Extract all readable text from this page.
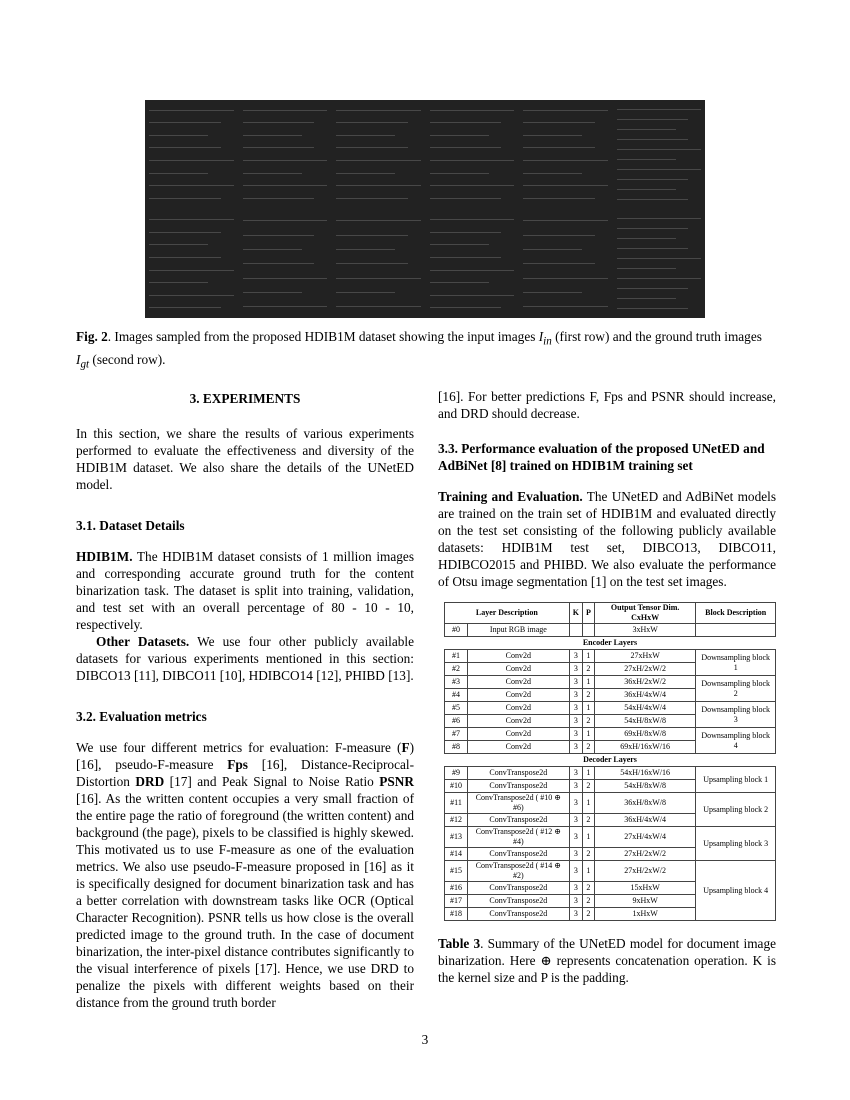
Fig. 2. Images sampled from the proposed HDIB1M dataset showing the input images $I_{in}$ (first row) and the ground truth images $I_{gt}$ (second row).

3. EXPERIMENTS

In this section, we share the results of various experiments performed to evaluate the effectiveness and diversity of the HDIB1M dataset. We also share the details of the UNetED model.

3.1. Dataset Details

HDIB1M. The HDIB1M dataset consists of 1 million images and corresponding accurate ground truth for the content binarization task. The dataset is split into training, validation, and test set with an overall percentage of 80 - 10 - 10, respectively.

Other Datasets. We use four other publicly available datasets for various experiments mentioned in this section: DIBCO13 [11], DIBCO11 [10], HDIBCO14 [12], PHIBD [13].

3.2. Evaluation metrics

We use four different metrics for evaluation: F-measure (F) [16], pseudo-F-measure Fps [16], Distance-Reciprocal-Distortion DRD [17] and Peak Signal to Noise Ratio PSNR [16]. As the written content occupies a very small fraction of the entire page the ratio of foreground (the written content) and background (the page), pixels to be classified is highly skewed. This motivated us to use F-measure as one of the evaluation metrics. We also use pseudo-F-measure proposed in [16] as it is specifically designed for document binarization task and has a better correlation with downstream tasks like OCR (Optical Character Recognition). PSNR tells us how close is the overall predicted image to the ground truth. In the case of document binarization, the inter-pixel distance contributes significantly to the visual interference of pixels [17]. Hence, we use DRD to penalize the pixels with different weights based on their distance from the ground truth border

[16]. For better predictions F, Fps and PSNR should increase, and DRD should decrease.

3.3. Performance evaluation of the proposed UNetED and AdBiNet [8] trained on HDIB1M training set

Training and Evaluation. The UNetED and AdBiNet models are trained on the train set of HDIB1M and evaluated directly on the test set consisting of the following publicly available datasets: HDIB1M test set, DIBCO13, DIBCO11, HDIBCO2015 and PHIBD. We also evaluate the performance of Otsu image segmentation [1] on the test set images.

	Layer Description		K	P	Output Tensor Dim. CxHxW	Block Description
	#0	Input RGB image			3xHxW	
	Encoder Layers					
	#1	Conv2d	3	1	27xHxW	Downsampling block 1
	#2	Conv2d	3	2	27xH/2xW/2	
	#3	Conv2d	3	1	36xH/2xW/2	Downsampling block 2
	#4	Conv2d	3	2	36xH/4xW/4	
	#5	Conv2d	3	1	54xH/4xW/4	Downsampling block 3
	#6	Conv2d	3	2	54xH/8xW/8	
	#7	Conv2d	3	1	69xH/8xW/8	Downsampling block 4
	#8	Conv2d	3	2	69xH/16xW/16	
	Decoder Layers					
	#9	ConvTranspose2d	3	1	54xH/16xW/16	Upsampling block 1
	#10	ConvTranspose2d	3	2	54xH/8xW/8	
	#11	ConvTranspose2d ( #10 ⊕ #6)	3	1	36xH/8xW/8	Upsampling block 2
	#12	ConvTranspose2d	3	2	36xH/4xW/4	
	#13	ConvTranspose2d ( #12 ⊕ #4)	3	1	27xH/4xW/4	Upsampling block 3
	#14	ConvTranspose2d	3	2	27xH/2xW/2	
	#15	ConvTranspose2d ( #14 ⊕ #2)	3	1	27xH/2xW/2	Upsampling block 4
	#16	ConvTranspose2d	3	2	15xHxW	
	#17	ConvTranspose2d	3	2	9xHxW	
	#18	ConvTranspose2d	3	2	1xHxW	
Table 3. Summary of the UNetED model for document image binarization. Here ⊕ represents concatenation operation. K is the kernel size and P is the padding.
3
